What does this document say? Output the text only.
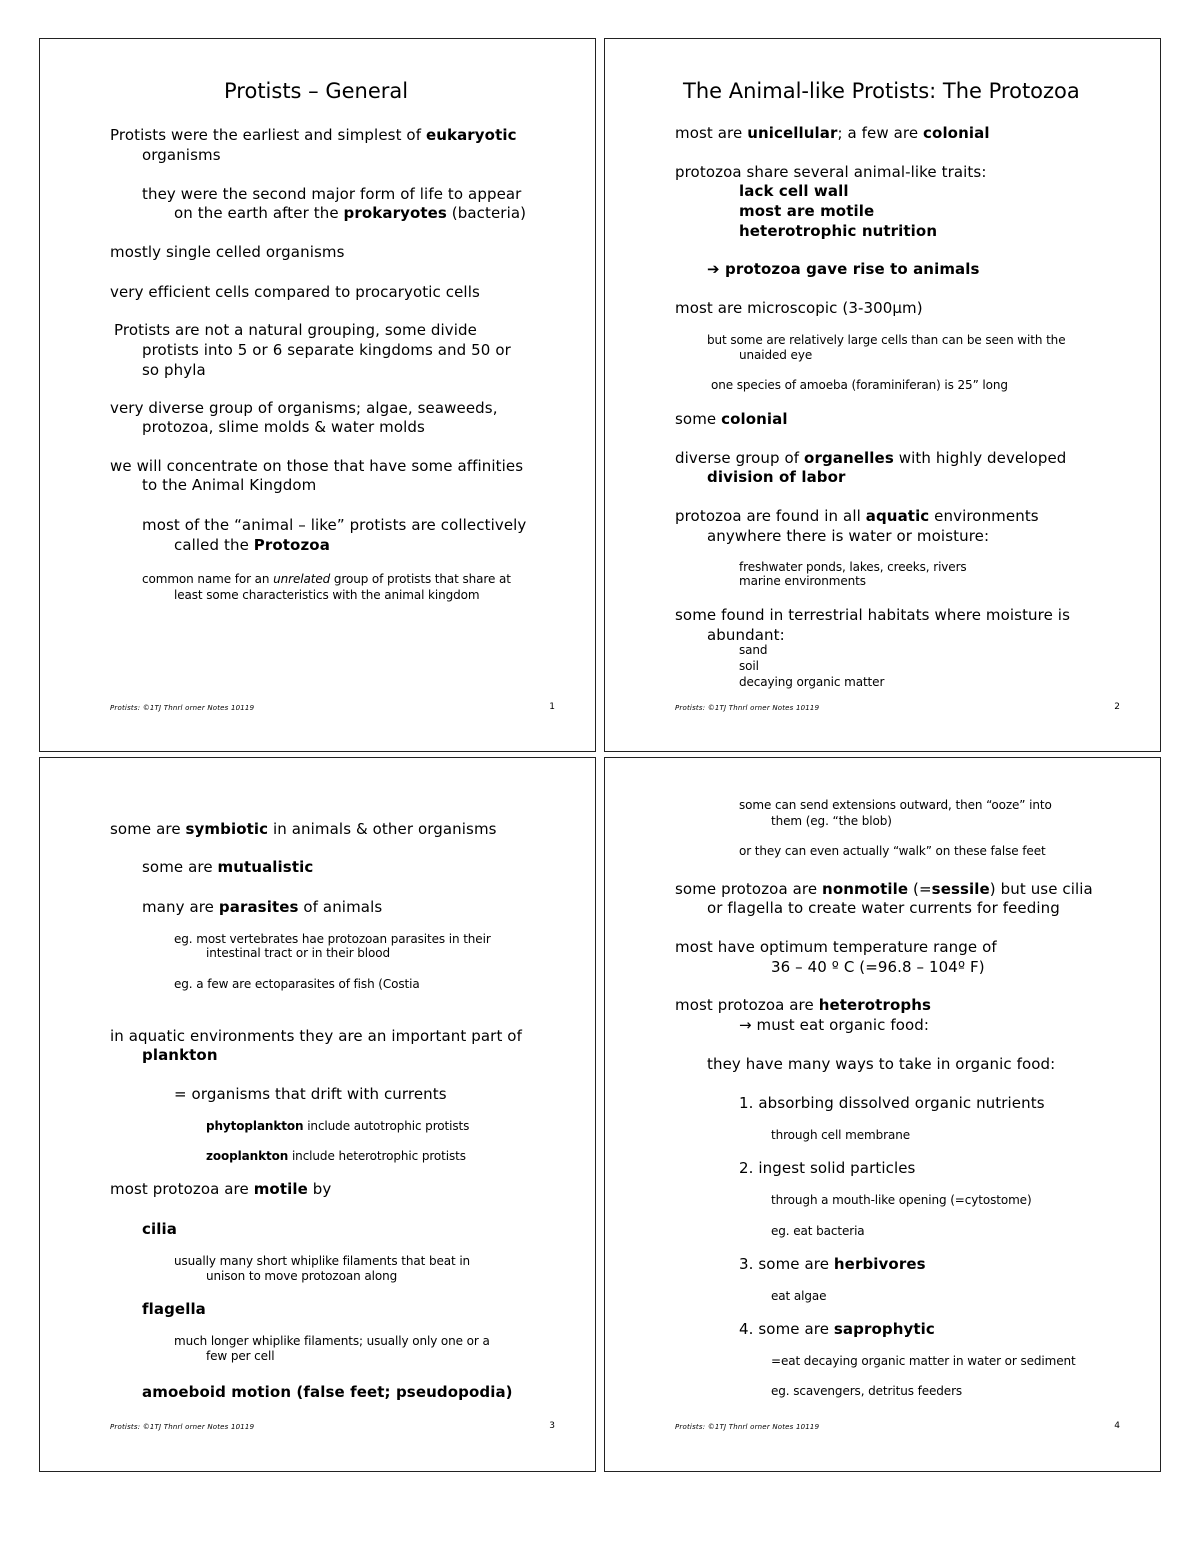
Protists – General
Protists: ©1TJ Thnrl orner Notes 10119	1
Protists were the earliest and simplest of eukaryotic
organisms
they were the second major form of life to appear
on the earth after the prokaryotes (bacteria)
mostly single celled organisms
very efficient cells compared to procaryotic cells
Protists are not a natural grouping, some divide
protists into 5 or 6 separate kingdoms and 50 or
so phyla
very diverse group of organisms; algae, seaweeds,
protozoa, slime molds & water molds
we will concentrate on those that have some affinities
to the Animal Kingdom
most of the “animal – like” protists are collectively
called the Protozoa
common name for an unrelated group of protists that share at
least some characteristics with the animal kingdom
The Animal-like Protists: The Protozoa
Protists: ©1TJ Thnrl orner Notes 10119	2
most are unicellular; a few are colonial
protozoa share several animal-like traits:
lack cell wall
most are motile
heterotrophic nutrition
➔ protozoa gave rise to animals
most are microscopic (3-300µm)
but some are relatively large cells than can be seen with the
unaided eye
one species of amoeba (foraminiferan) is 25” long
some colonial
diverse group of organelles with highly developed
division of labor
protozoa are found in all aquatic environments
anywhere there is water or moisture:
freshwater ponds, lakes, creeks, rivers
marine environments
some found in terrestrial habitats where moisture is
abundant:
sand
soil
decaying organic matter
Protists: ©1TJ Thnrl orner Notes 10119	3
some are symbiotic in animals & other organisms
some are mutualistic
many are parasites of animals
eg. most vertebrates hae protozoan parasites in their
intestinal tract or in their blood
eg. a few are ectoparasites of fish (Costia
in aquatic environments they are an important part of
plankton
= organisms that drift with currents
phytoplankton include autotrophic protists
zooplankton include heterotrophic protists
most protozoa are motile by
cilia
usually many short whiplike filaments that beat in
unison to move protozoan along
flagella
much longer whiplike filaments; usually only one or a
few per cell
amoeboid motion (false feet; pseudopodia)
Protists: ©1TJ Thnrl orner Notes 10119	4
some can send extensions outward, then “ooze” into
them (eg. “the blob)
or they can even actually “walk” on these false feet
some protozoa are nonmotile (=sessile) but use cilia
or flagella to create water currents for feeding
most have optimum temperature range of
36 – 40 º C (=96.8 – 104º F)
most protozoa are heterotrophs
→ must eat organic food:
they have many ways to take in organic food:
1. absorbing dissolved organic nutrients
through cell membrane
2. ingest solid particles
through a mouth-like opening (=cytostome)
eg. eat bacteria
3. some are herbivores
eat algae
4. some are saprophytic
=eat decaying organic matter in water or sediment
eg. scavengers, detritus feeders
